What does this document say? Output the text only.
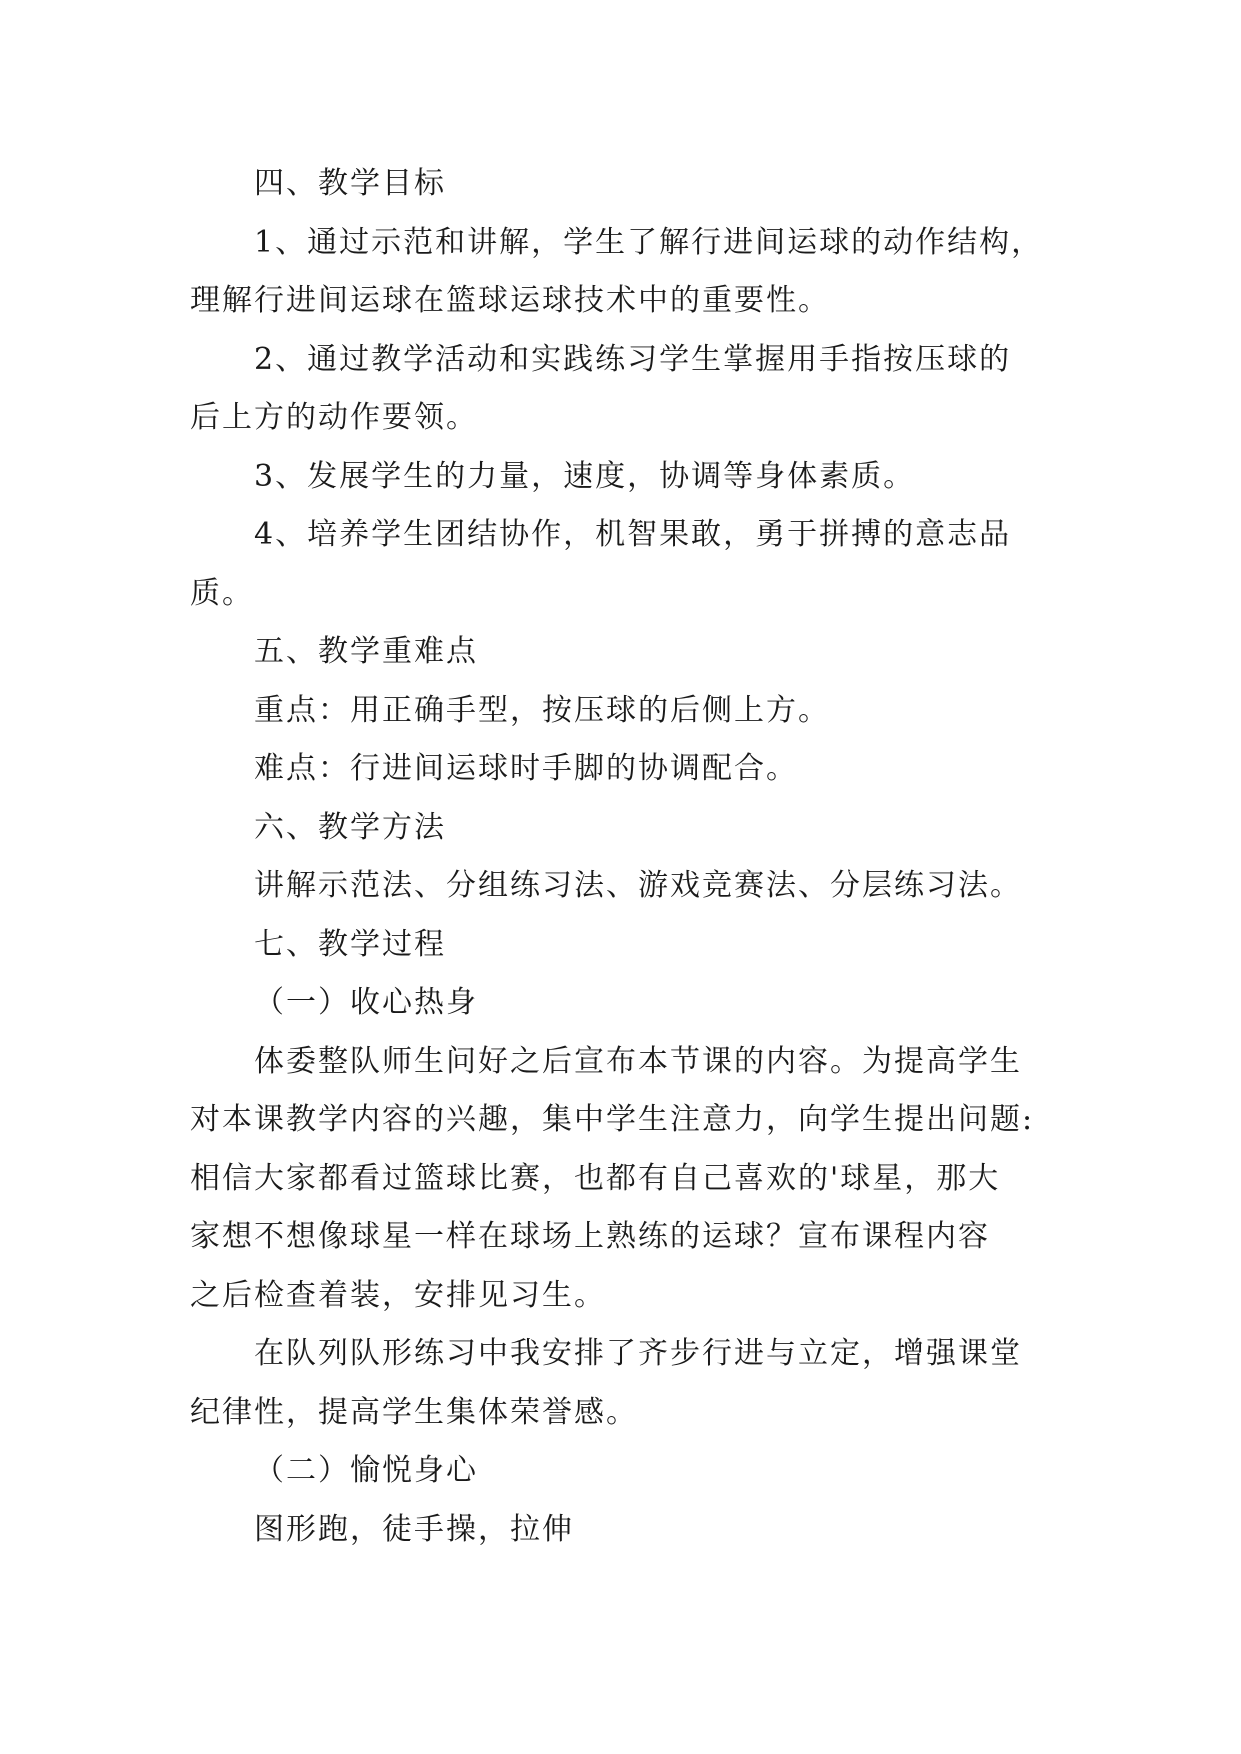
四、教学目标
1、通过示范和讲解，学生了解行进间运球的动作结构，
理解行进间运球在篮球运球技术中的重要性。
2、通过教学活动和实践练习学生掌握用手指按压球的
后上方的动作要领。
3、发展学生的力量，速度，协调等身体素质。
4、培养学生团结协作，机智果敢，勇于拼搏的意志品
质。
五、教学重难点
重点：用正确手型，按压球的后侧上方。
难点：行进间运球时手脚的协调配合。
六、教学方法
讲解示范法、分组练习法、游戏竞赛法、分层练习法。
七、教学过程
（一）收心热身
体委整队师生问好之后宣布本节课的内容。为提高学生
对本课教学内容的兴趣，集中学生注意力，向学生提出问题:
相信大家都看过篮球比赛，也都有自己喜欢的'球星，那大
家想不想像球星一样在球场上熟练的运球？宣布课程内容
之后检查着装，安排见习生。
在队列队形练习中我安排了齐步行进与立定，增强课堂
纪律性，提高学生集体荣誉感。
（二）愉悦身心
图形跑，徒手操，拉伸
